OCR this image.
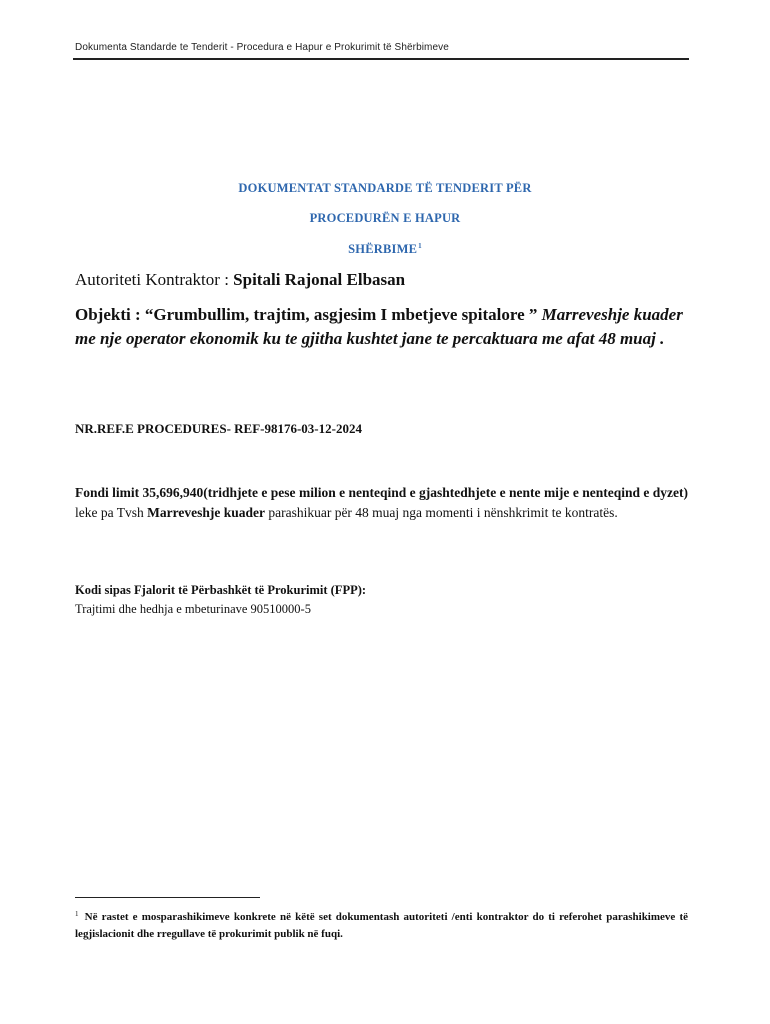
Dokumenta Standarde te Tenderit - Procedura e Hapur e Prokurimit të Shërbimeve
DOKUMENTAT STANDARDE TË TENDERIT PËR
PROCEDURËN E HAPUR
SHËRBIME$^1$
Autoriteti Kontraktor : Spitali Rajonal Elbasan
Objekti : “Grumbullim, trajtim, asgjesim I mbetjeve spitalore ” Marreveshje kuader me nje operator ekonomik ku te gjitha kushtet jane te percaktuara me afat 48 muaj .
NR.REF.E PROCEDURES- REF-98176-03-12-2024
Fondi limit 35,696,940(tridhjete e pese milion e nenteqind e gjashtedhjete e nente mije e nenteqind e dyzet) leke pa Tvsh Marreveshje kuader parashikuar për 48 muaj nga momenti i nënshkrimit te kontratës.
Kodi sipas Fjalorit të Përbashkët të Prokurimit (FPP):
Trajtimi dhe hedhja e mbeturinave 90510000-5
$^1$ Në rastet e mosparashikimeve konkrete në këtë set dokumentash autoriteti /enti kontraktor do ti referohet parashikimeve të legjislacionit dhe rregullave të prokurimit publik në fuqi.
